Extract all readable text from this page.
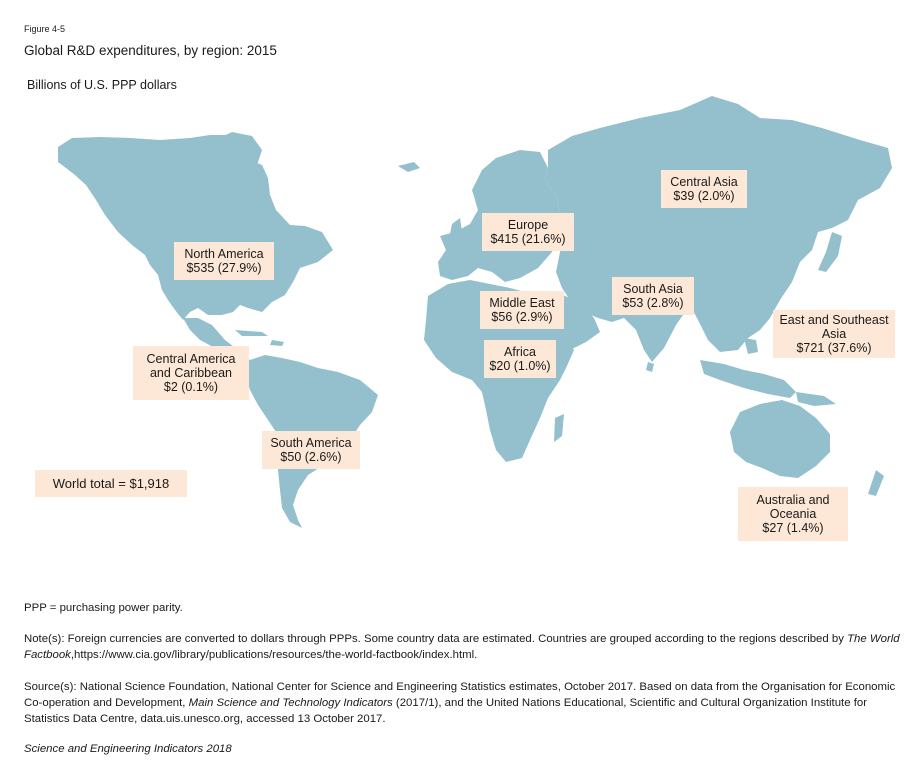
Figure 4-5
Global R&D expenditures, by region: 2015
Billions of U.S. PPP dollars
North America
$535 (27.9%)
Central America
and Caribbean
$2 (0.1%)
South America
$50 (2.6%)
Europe
$415 (21.6%)
Middle East
$56 (2.9%)
Africa
$20 (1.0%)
Central Asia
$39 (2.0%)
South Asia
$53 (2.8%)
East and Southeast
Asia
$721 (37.6%)
Australia and
Oceania
$27 (1.4%)
World total = $1,918
PPP = purchasing power parity.
Note(s): Foreign currencies are converted to dollars through PPPs. Some country data are estimated. Countries are grouped according to the regions described by The World Factbook,https://www.cia.gov/library/publications/resources/the-world-factbook/index.html.
Source(s): National Science Foundation, National Center for Science and Engineering Statistics estimates, October 2017. Based on data from the Organisation for Economic Co-operation and Development, Main Science and Technology Indicators (2017/1), and the United Nations Educational, Scientific and Cultural Organization Institute for Statistics Data Centre, data.uis.unesco.org, accessed 13 October 2017.
Science and Engineering Indicators 2018
